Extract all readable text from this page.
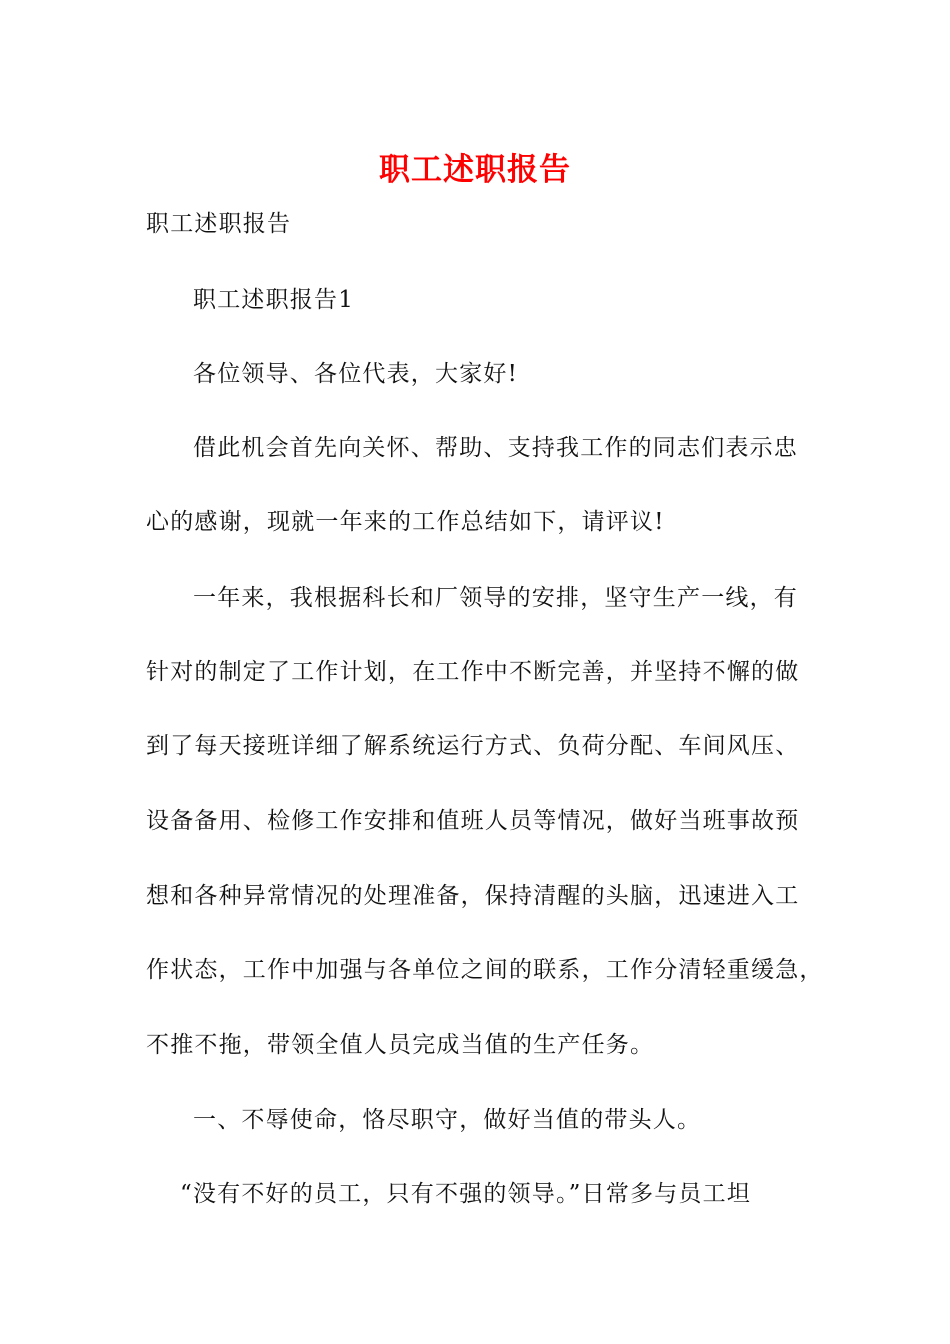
职工述职报告
职工述职报告
职工述职报告1
各位领导、各位代表，大家好!
借此机会首先向关怀、帮助、支持我工作的同志们表示忠
心的感谢，现就一年来的工作总结如下，请评议!
一年来，我根据科长和厂领导的安排，坚守生产一线，有
针对的制定了工作计划，在工作中不断完善，并坚持不懈的做
到了每天接班详细了解系统运行方式、负荷分配、车间风压、
设备备用、检修工作安排和值班人员等情况，做好当班事故预
想和各种异常情况的处理准备，保持清醒的头脑，迅速进入工
作状态，工作中加强与各单位之间的联系，工作分清轻重缓急，
不推不拖，带领全值人员完成当值的生产任务。
一、不辱使命，恪尽职守，做好当值的带头人。
“没有不好的员工，只有不强的领导。”日常多与员工坦
